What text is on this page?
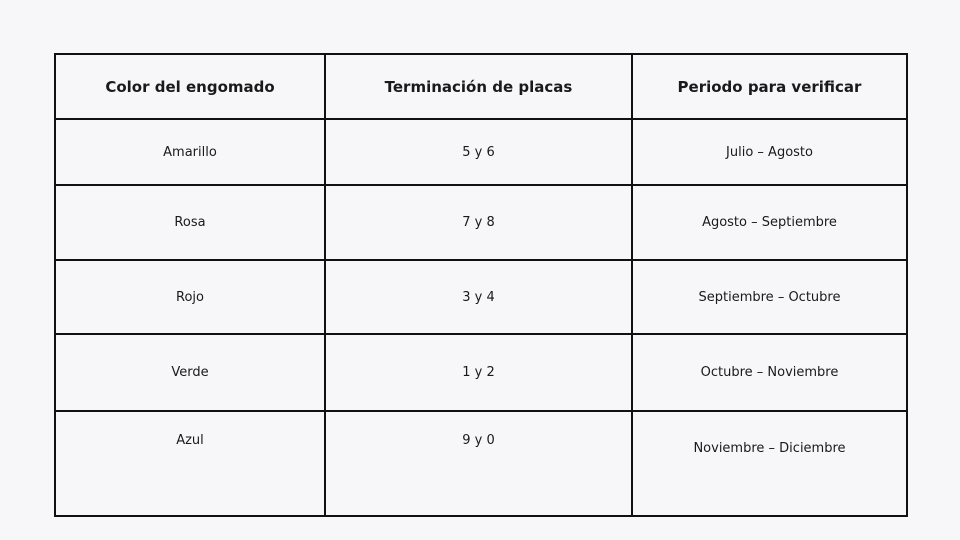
Color del engomado	Terminación de placas	Periodo para verificar
Amarillo	5 y 6	Julio – Agosto
Rosa	7 y 8	Agosto – Septiembre
Rojo	3 y 4	Septiembre – Octubre
Verde	1 y 2	Octubre – Noviembre
Azul	9 y 0	Noviembre – Diciembre
